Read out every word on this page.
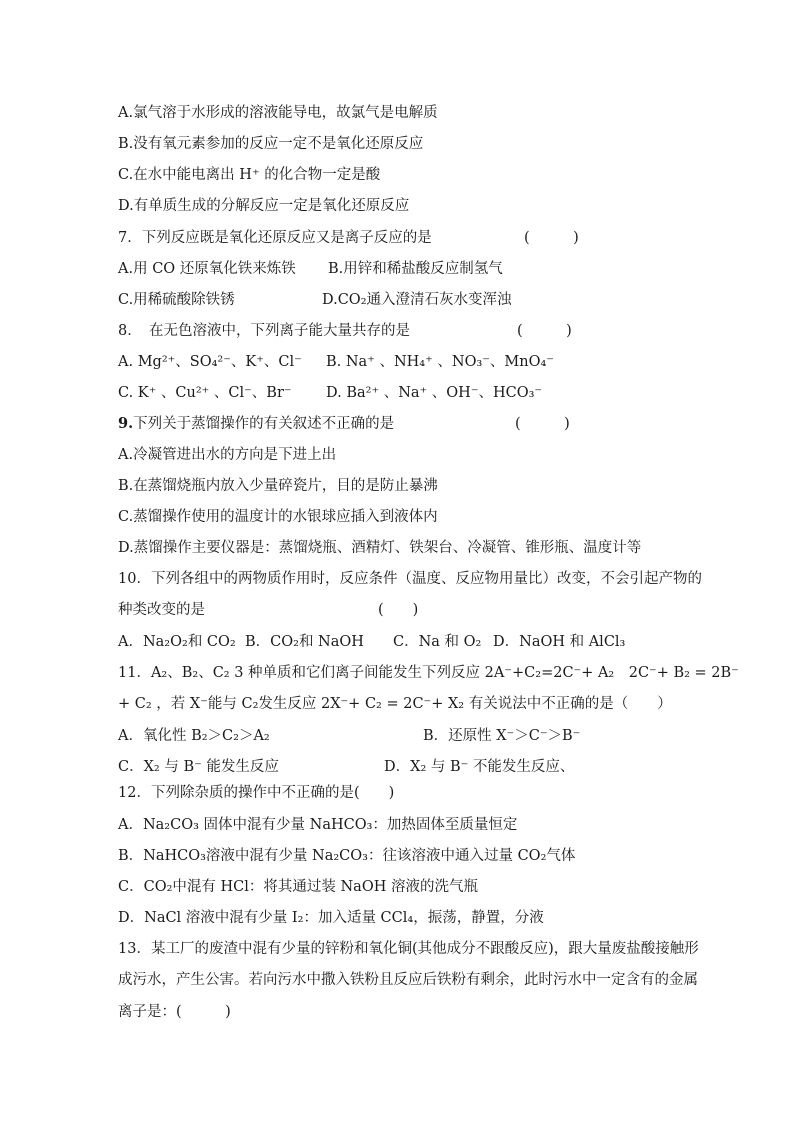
A.氯气溶于水形成的溶液能导电，故氯气是电解质
B.没有氧元素参加的反应一定不是氧化还原反应
C.在水中能电离出 H⁺ 的化合物一定是酸
D.有单质生成的分解反应一定是氧化还原反应
7．下列反应既是氧化还原反应又是离子反应的是	(　　　)
A.用 CO 还原氧化铁来炼铁 B.用锌和稀盐酸反应制氢气
C.用稀硫酸除铁锈	D.CO₂通入澄清石灰水变浑浊
8．　在无色溶液中，下列离子能大量共存的是	(　　　)
A. Mg²⁺、SO₄²⁻、K⁺、Cl⁻ B. Na⁺ 、NH₄⁺ 、NO₃⁻、MnO₄⁻
C. K⁺ 、Cu²⁺ 、Cl⁻、Br⁻ D. Ba²⁺ 、Na⁺ 、OH⁻、HCO₃⁻
9.下列关于蒸馏操作的有关叙述不正确的是	(　　　)
A.冷凝管进出水的方向是下进上出
B.在蒸馏烧瓶内放入少量碎瓷片，目的是防止暴沸
C.蒸馏操作使用的温度计的水银球应插入到液体内
D.蒸馏操作主要仪器是：蒸馏烧瓶、酒精灯、铁架台、冷凝管、锥形瓶、温度计等
10．下列各组中的两物质作用时，反应条件（温度、反应物用量比）改变，不会引起产物的
种类改变的是	(　　)
A．Na₂O₂和 CO₂ B．CO₂和 NaOH C．Na 和 O₂ D．NaOH 和 AlCl₃
11．A₂、B₂、C₂ 3 种单质和它们离子间能发生下列反应 2A⁻+C₂=2C⁻+ A₂　2C⁻+ B₂ = 2B⁻
+ C₂ ，若 X⁻能与 C₂发生反应 2X⁻+ C₂ = 2C⁻+ X₂ 有关说法中不正确的是（　　）
A．氧化性 B₂＞C₂＞A₂	B．还原性 X⁻＞C⁻＞B⁻
C．X₂ 与 B⁻ 能发生反应	D．X₂ 与 B⁻ 不能发生反应、
12．下列除杂质的操作中不正确的是(　　)
A．Na₂CO₃ 固体中混有少量 NaHCO₃：加热固体至质量恒定
B．NaHCO₃溶液中混有少量 Na₂CO₃：往该溶液中通入过量 CO₂气体
C．CO₂中混有 HCl：将其通过装 NaOH 溶液的洗气瓶
D．NaCl 溶液中混有少量 I₂：加入适量 CCl₄，振荡，静置，分液
13．某工厂的废渣中混有少量的锌粉和氧化铜(其他成分不跟酸反应)，跟大量废盐酸接触形
成污水，产生公害。若向污水中撒入铁粉且反应后铁粉有剩余，此时污水中一定含有的金属
离子是：(　　　)
